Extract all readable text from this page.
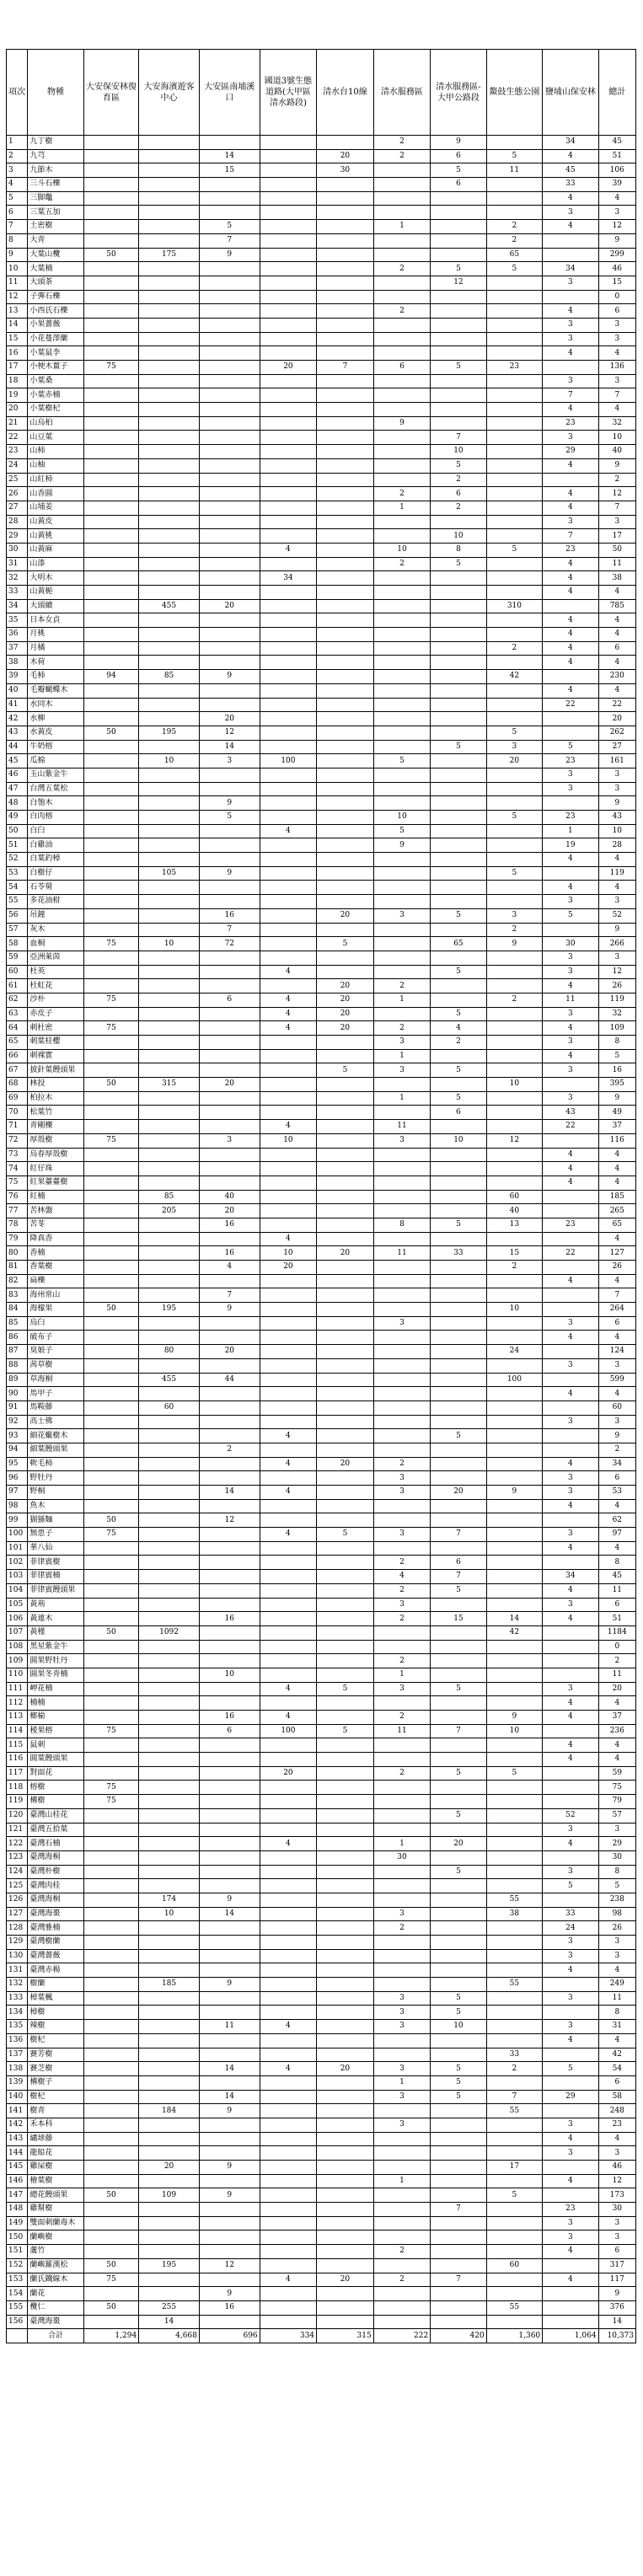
項次	物種	大安保安林復育區	大安海濱遊客中心	大安區南埔溪口	國道3號生態道路(大甲區清水路段)	清水台10線	清水服務區	清水服務區-大甲公路段	鰲鼓生態公園	鹽埔山保安林	總計
1	九丁樹						2	9		34	45
2	九芎			14		20	2	6	5	4	51
3	九節木			15		30		5	11	45	106
4	三斗石櫟							6		33	39
5	三脚鼈									4	4
6	三葉五加									3	3
7	土密樹			5			1		2	4	12
8	大青			7					2		9
9	大葉山欖	50	175	9					65		299
10	大葉楠						2	5	5	34	46
11	大頭茶							12		3	15
12	子彈石櫟										0
13	小西氏石櫟						2			4	6
14	小果薔薇									3	3
15	小花蔓澤蘭									3	3
16	小葉鼠李									4	4
17	小梗木薑子	75			20	7	6	5	23		136
18	小葉桑									3	3
19	小葉赤楠									7	7
20	小葉樹杞									4	4
21	山烏桕						9			23	32
22	山豆葉							7		3	10
23	山柿							10		29	40
24	山柚							5		4	9
25	山紅柿							2			2
26	山香圓						2	6		4	12
27	山埔姜						1	2		4	7
28	山黃皮									3	3
29	山黃桃							10		7	17
30	山黃麻				4		10	8	5	23	50
31	山漆						2	5		4	11
32	大明木				34					4	38
33	山黃梔									4	4
34	大頭續		455	20					310		785
35	日本女貞									4	4
36	月桃									4	4
37	月橘								2	4	6
38	木荷									4	4
39	毛柿	94	85	9					42		230
40	毛瓣蝴蝶木									4	4
41	水同木									22	22
42	水柳			20							20
43	水黃皮	50	195	12					5		262
44	牛奶榕			14				5	3	5	27
45	瓜棉		10	3	100		5		20	23	161
46	玉山紫金牛									3	3
47	台灣五葉松									3	3
48	白匏木			9							9
49	白肉榕			5			10		5	23	43
50	白臼				4		5			1	10
51	白雞油						9			19	28
52	白葉釣樟									4	4
53	白樹仔		105	9					5		119
54	石苓舅									4	4
55	多花油柑									3	3
56	吊鐘			16		20	3	5	3	5	52
57	灰木			7					2		9
58	血桐	75	10	72		5		65	9	30	266
59	亞洲萊茵									3	3
60	杜英				4			5		3	12
61	杜虹花					20	2			4	26
62	沙朴	75		6	4	20	1		2	11	119
63	赤皮子				4	20		5		3	32
64	刺杜密	75			4	20	2	4		4	109
65	刺葉桂櫻						3	2		3	8
66	刺裸實						1			4	5
67	披針葉饅頭果					5	3	5		3	16
68	林投	50	315	20					10		395
69	柏拉木						1	5		3	9
70	松葉竹							6		43	49
71	青剛櫟				4		11			22	37
72	厚殼樹	75		3	10		3	10	12		116
73	烏春厚殼樹									4	4
74	紅仔珠									4	4
75	紅果薹薹樹									4	4
76	紅楠		85	40					60		185
77	苦林盤		205	20					40		265
78	苦苳			16			8	5	13	23	65
79	降真香				4						4
80	香楠			16	10	20	11	33	15	22	127
81	香葉樹			4	20				2		26
82	扁櫟									4	4
83	海州常山			7							7
84	海檬果	50	195	9					10		264
85	烏臼						3			3	6
86	破布子									4	4
87	臭娘子		80	20					24		124
88	茜草樹									3	3
89	草海桐		455	44					100		599
90	馬甲子									4	4
91	馬鞍藤		60								60
92	高士佛									3	3
93	細花蠟樹木				4			5			9
94	細葉饅頭果			2							2
95	軟毛柿				4	20	2			4	34
96	野牡丹						3			3	6
97	野桐			14	4		3	20	9	3	53
98	魚木									4	4
99	猢猻麵	50		12							62
100	無患子	75			4	5	3	7		3	97
101	華八仙									4	4
102	菲律賓樹						2	6			8
103	菲律賓楠						4	7		34	45
104	菲律賓饅頭果						2	5		4	11
105	黃荊						3			3	6
106	黃連木			16			2	15	14	4	51
107	黃槿	50	1092						42		1184
108	黑星紫金牛										0
109	圓果野牡丹						2				2
110	圓果冬青楠			10			1				11
111	岬花楠				4	5	3	5		3	20
112	楠楠									4	4
113	榔榆			16	4		2		9	4	37
114	稜果榕	75		6	100	5	11	7	10		236
115	鼠刺									4	4
116	圓葉饅頭果									4	4
117	對面花				20		2	5	5		59
118	榕樹	75									75
119	構樹	75									79
120	臺灣山桂花							5		52	57
121	臺灣五拾葉									3	3
122	臺灣石楠				4		1	20		4	29
123	臺灣海桐						30				30
124	臺灣朴樹							5		3	8
125	臺灣肉桂									5	5
126	臺灣海桐		174	9					55		238
127	臺灣海棗		10	14			3		38	33	98
128	臺灣雅楠						2			24	26
129	臺灣樹蘭									3	3
130	臺灣薔薇									3	3
131	臺灣赤楊									4	4
132	樹蘭		185	9					55		249
133	樟葉楓						3	5		3	11
134	樟樹						3	5			8
135	辣樹			11	4		3	10		3	31
136	樹杞									4	4
137	賽芳樹								33		42
138	賽芝樹			14	4	20	3	5	2	5	54
139	構樹子						1	5			6
140	樹杞			14			3	5	7	29	58
141	樹青		184	9					55		248
142	禾本科						3			3	23
143	繡球藤									4	4
144	龍船花									3	3
145	雞屎樹		20	9					17		46
146	檜葉樹						1			4	12
147	總花饅頭果	50	109	9					5		173
148	雞幫樹							7		23	30
149	雙面刺蘭毒木									3	3
150	蘭嶼樹									3	3
151	蘆竹						2			4	6
152	蘭嶼羅漢松	50	195	12					60		317
153	蘭氏鐵線木	75			4	20	2	7		4	117
154	蘭花			9							9
155	欖仁	50	255	16					55		376
156	臺灣海棗		14								14
	合計	1,294	4,668	696	334	315	222	420	1,360	1,064	10,373
